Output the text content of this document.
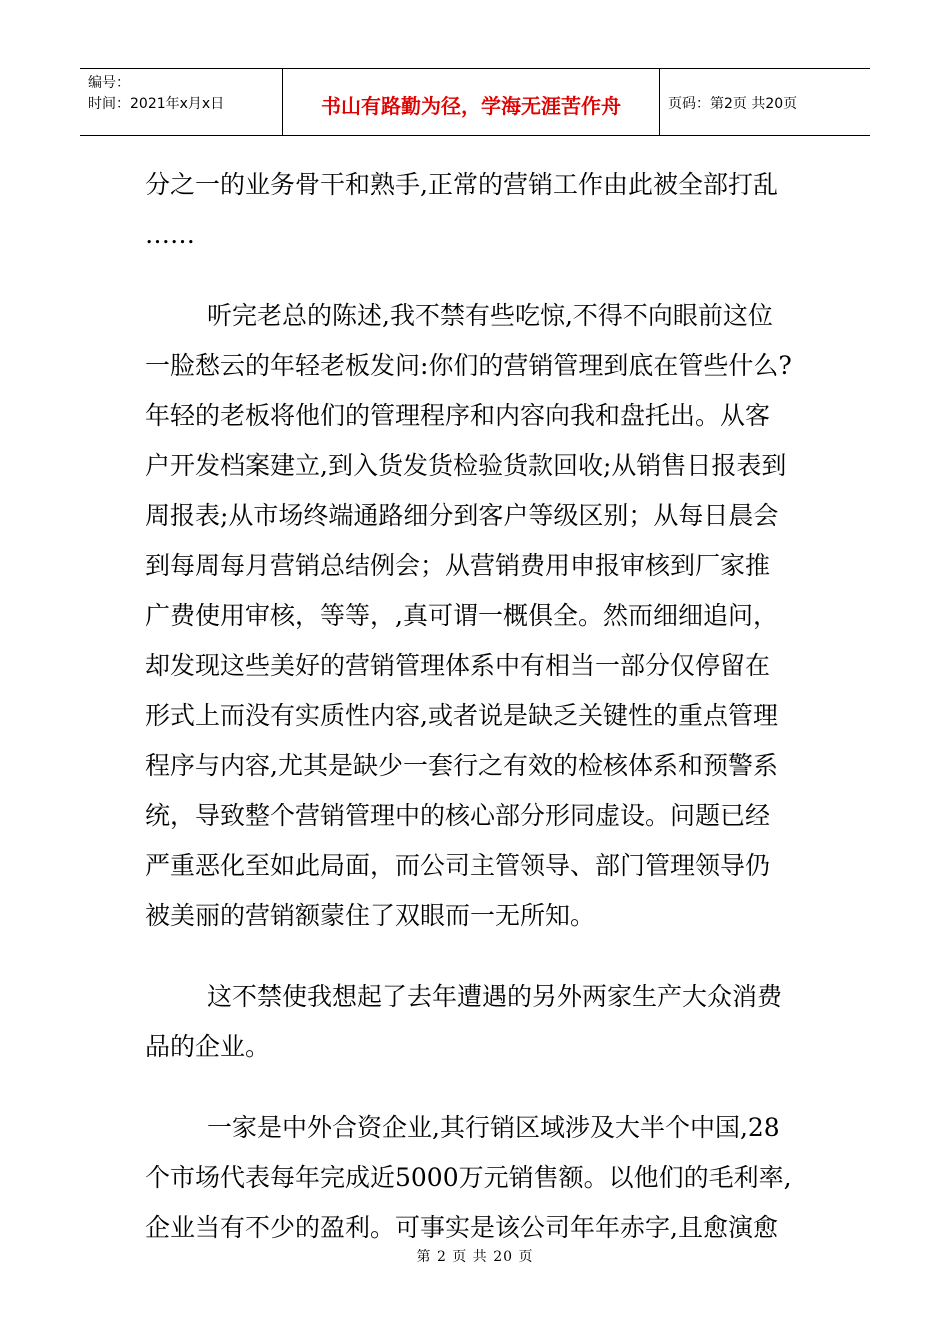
编号：
时间：2021年x月x日	书山有路勤为径，学海无涯苦作舟	页码：第2页 共20页
分之一的业务骨干和熟手,正常的营销工作由此被全部打乱
……
听完老总的陈述,我不禁有些吃惊,不得不向眼前这位
一脸愁云的年轻老板发问:你们的营销管理到底在管些什么?
年轻的老板将他们的管理程序和内容向我和盘托出。从客
户开发档案建立,到入货发货检验货款回收;从销售日报表到
周报表;从市场终端通路细分到客户等级区别；从每日晨会
到每周每月营销总结例会；从营销费用申报审核到厂家推
广费使用审核，等等，,真可谓一概俱全。然而细细追问，
却发现这些美好的营销管理体系中有相当一部分仅停留在
形式上而没有实质性内容,或者说是缺乏关键性的重点管理
程序与内容,尤其是缺少一套行之有效的检核体系和预警系
统，导致整个营销管理中的核心部分形同虚设。问题已经
严重恶化至如此局面，而公司主管领导、部门管理领导仍
被美丽的营销额蒙住了双眼而一无所知。
这不禁使我想起了去年遭遇的另外两家生产大众消费
品的企业。
一家是中外合资企业,其行销区域涉及大半个中国,28
个市场代表每年完成近5000万元销售额。以他们的毛利率,
企业当有不少的盈利。可事实是该公司年年赤字,且愈演愈
第 2 页 共 20 页
